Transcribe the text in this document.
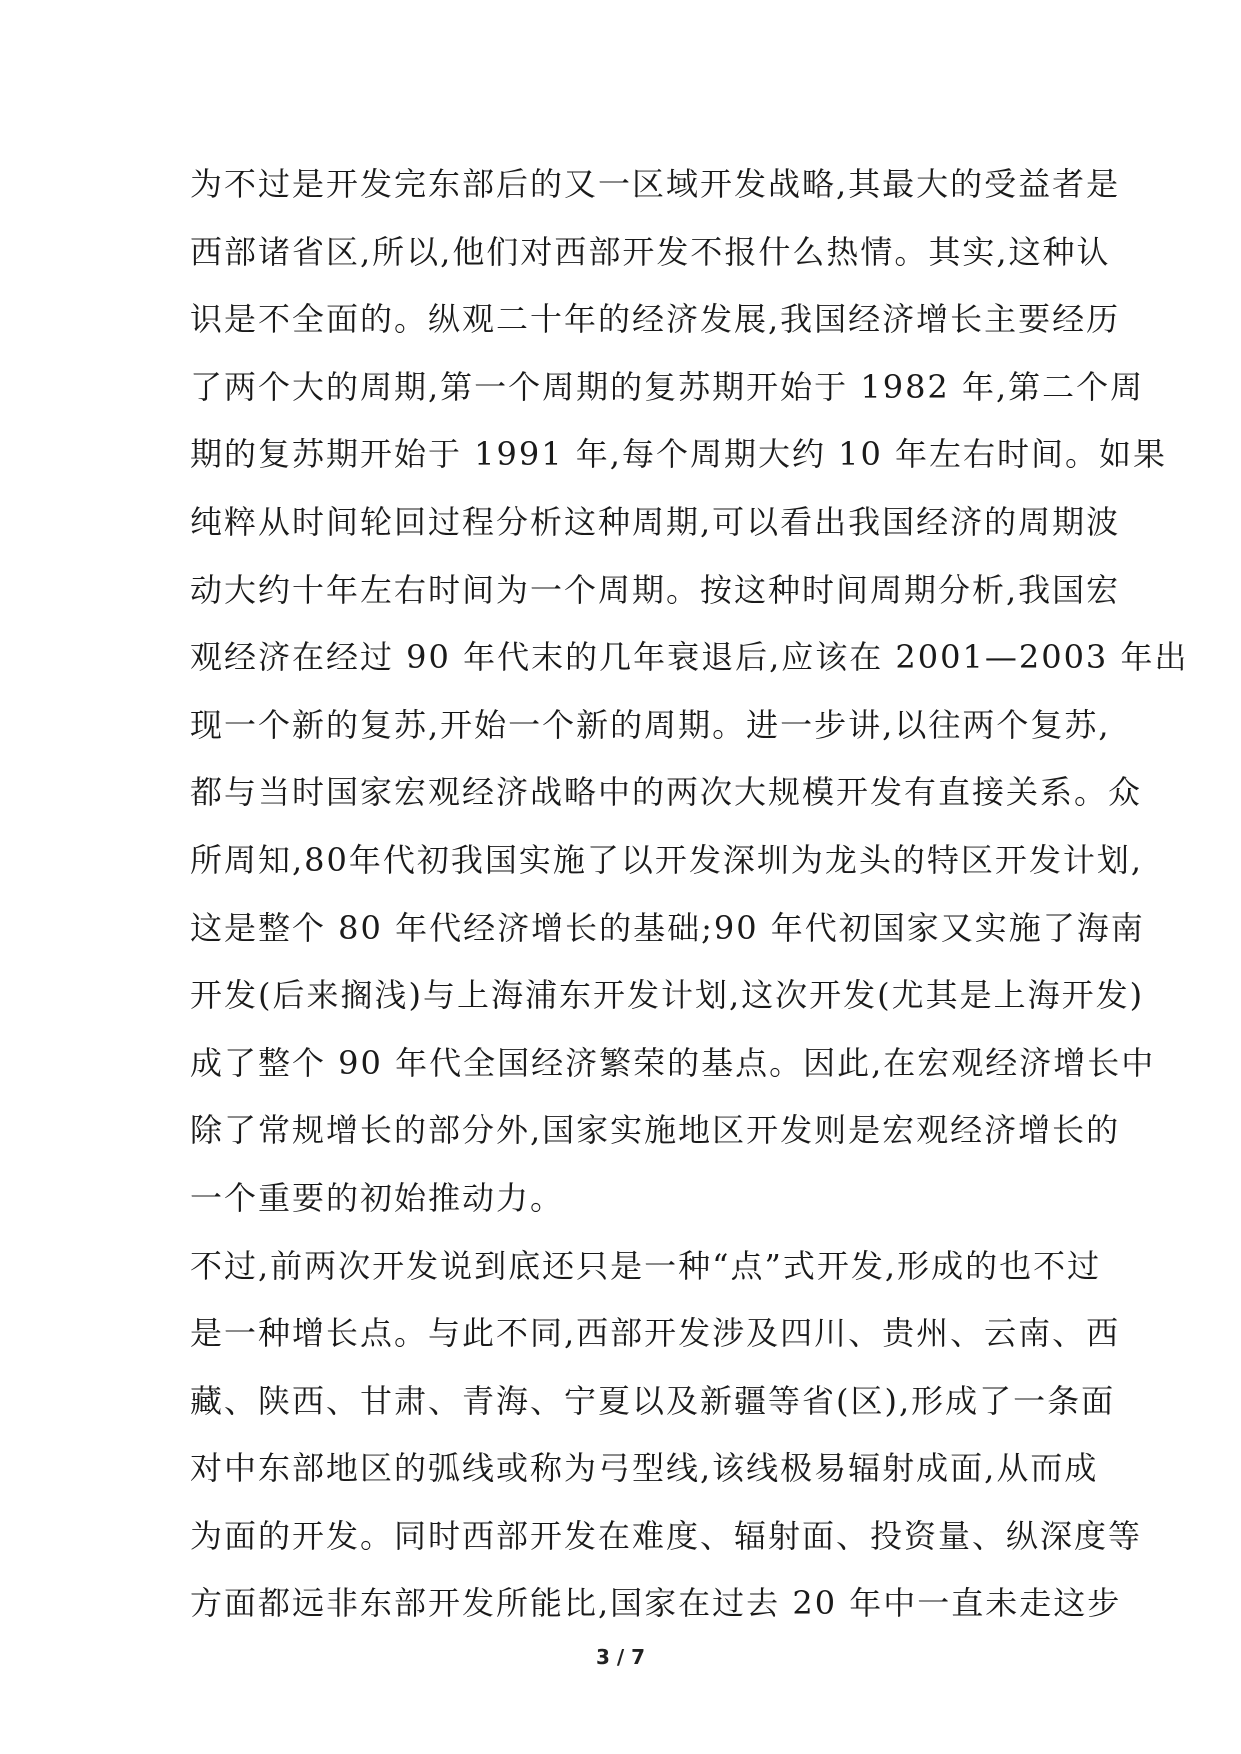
为不过是开发完东部后的又一区域开发战略,其最大的受益者是
西部诸省区,所以,他们对西部开发不报什么热情。其实,这种认
识是不全面的。纵观二十年的经济发展,我国经济增长主要经历
了两个大的周期,第一个周期的复苏期开始于 1982 年,第二个周
期的复苏期开始于 1991 年,每个周期大约 10 年左右时间。如果
纯粹从时间轮回过程分析这种周期,可以看出我国经济的周期波
动大约十年左右时间为一个周期。按这种时间周期分析,我国宏
观经济在经过 90 年代末的几年衰退后,应该在 2001—2003 年出
现一个新的复苏,开始一个新的周期。进一步讲,以往两个复苏,
都与当时国家宏观经济战略中的两次大规模开发有直接关系。众
所周知,80年代初我国实施了以开发深圳为龙头的特区开发计划,
这是整个 80 年代经济增长的基础;90 年代初国家又实施了海南
开发(后来搁浅)与上海浦东开发计划,这次开发(尤其是上海开发)
成了整个 90 年代全国经济繁荣的基点。因此,在宏观经济增长中
除了常规增长的部分外,国家实施地区开发则是宏观经济增长的
一个重要的初始推动力。
不过,前两次开发说到底还只是一种“点”式开发,形成的也不过
是一种增长点。与此不同,西部开发涉及四川、贵州、云南、西
藏、陕西、甘肃、青海、宁夏以及新疆等省(区),形成了一条面
对中东部地区的弧线或称为弓型线,该线极易辐射成面,从而成
为面的开发。同时西部开发在难度、辐射面、投资量、纵深度等
方面都远非东部开发所能比,国家在过去 20 年中一直未走这步
3 / 7
